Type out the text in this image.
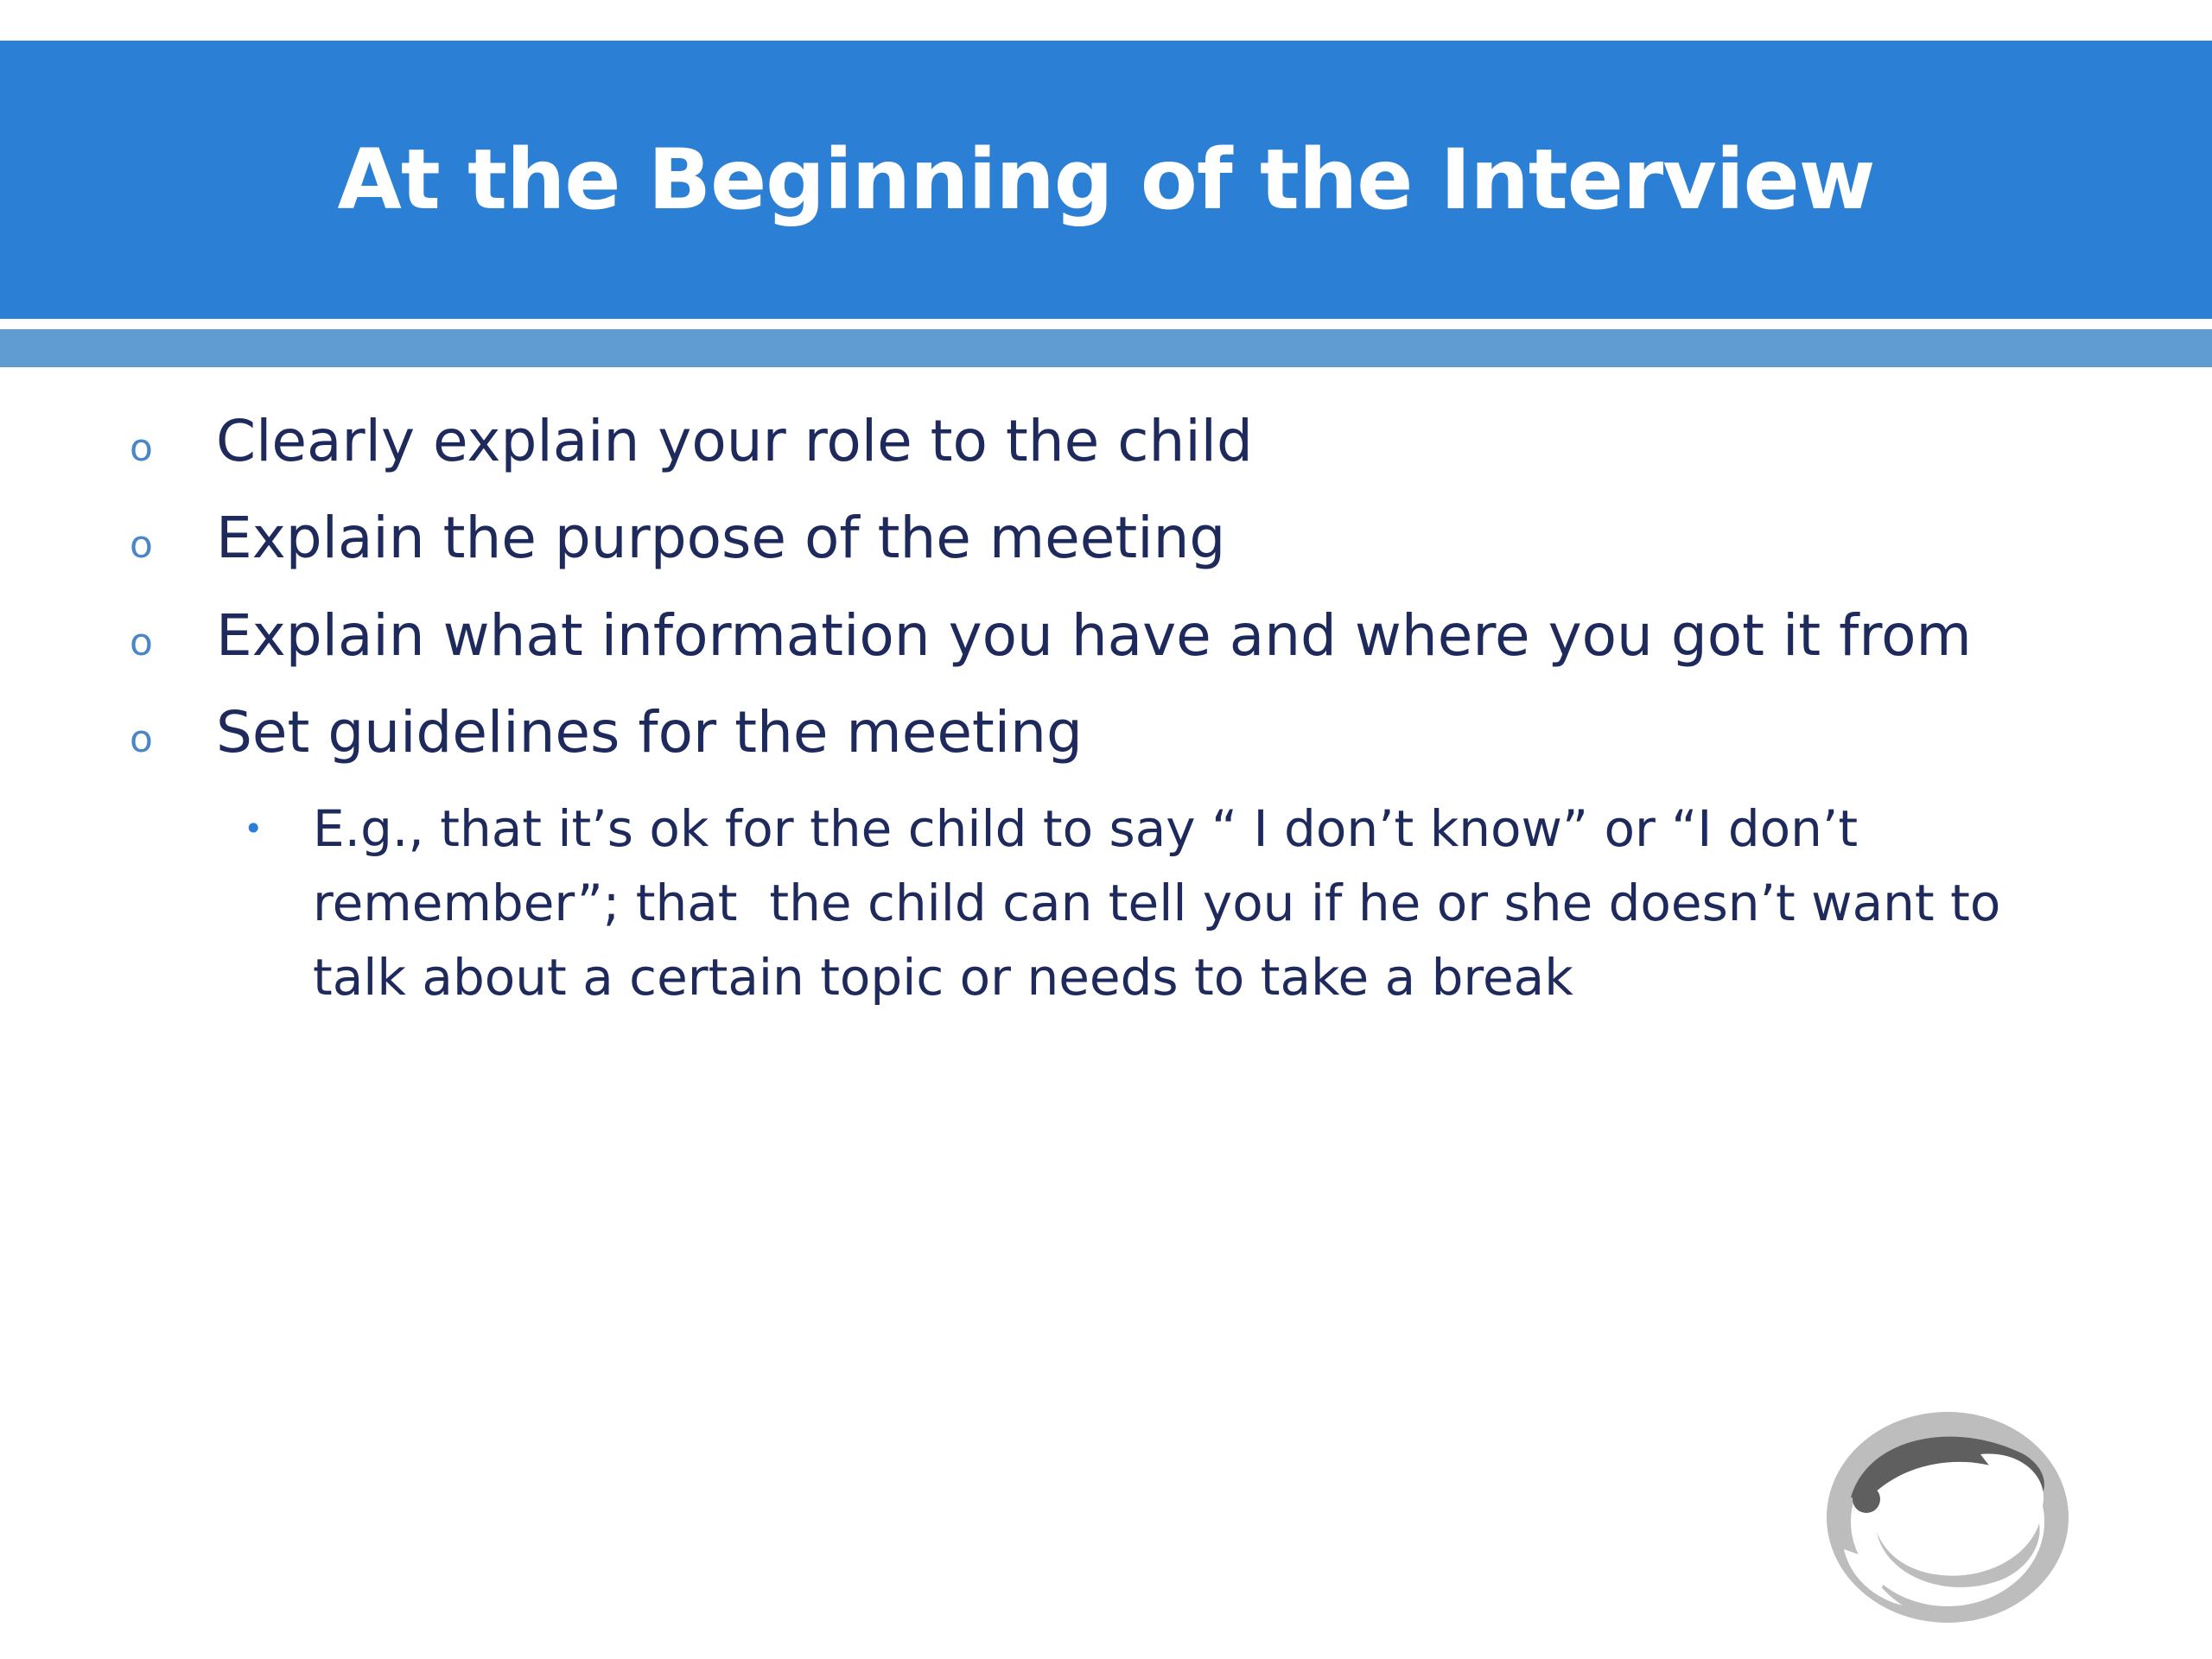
At the Beginning of the Interview
o	Clearly explain your role to the child
o	Explain the purpose of the meeting
o	Explain what information you have and where you got it from
o	Set guidelines for the meeting
• E.g., that it’s ok for the child to say “ I don’t know” or “I don’t remember”; that  the child can tell you if he or she doesn’t want to talk about a certain topic or needs to take a break
